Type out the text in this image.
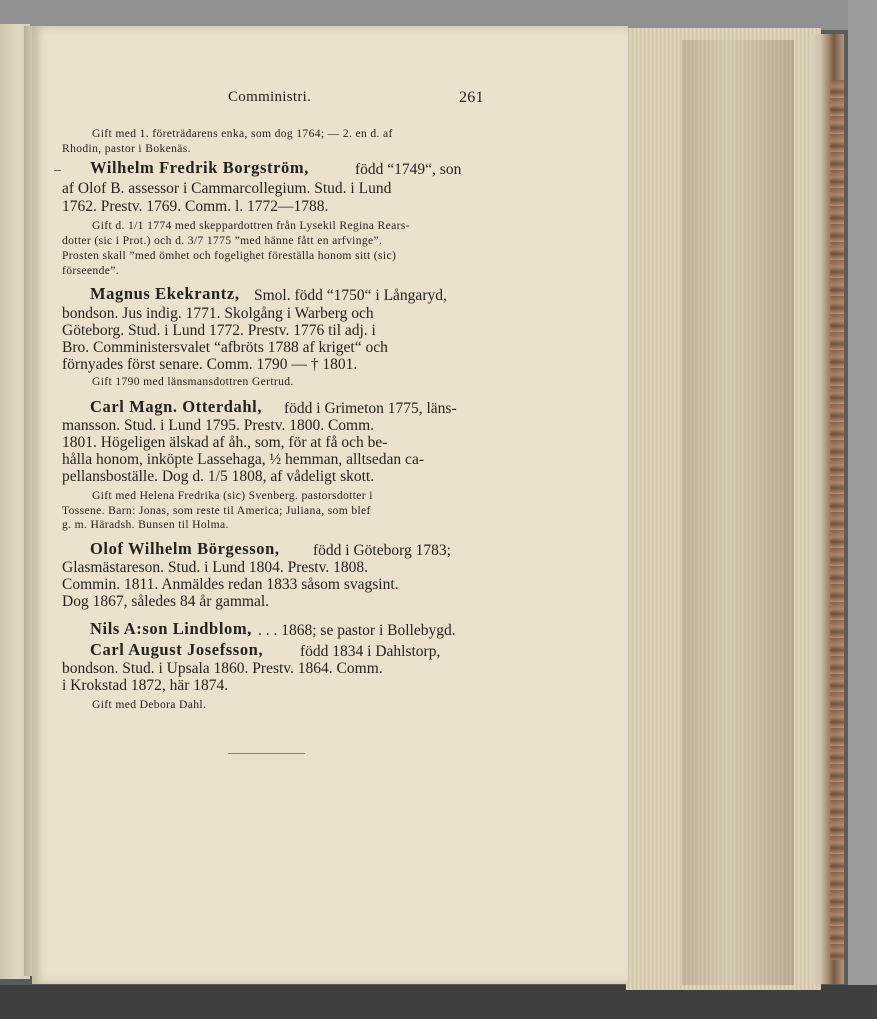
Comministri.	261
Gift med 1. företrädarens enka, som dog 1764; — 2. en d. af
Rhodin, pastor i Bokenäs.
Wilhelm Fredrik Borgström,	född “1749“, son
af Olof B. assessor i Cammarcollegium. Stud. i Lund
1762. Prestv. 1769. Comm. l. 1772—1788.
Gift d. 1/1 1774 med skeppardottren från Lysekil Regina Rears-
dotter (sic i Prot.) och d. 3/7 1775 ”med hänne fått en arfvinge”.
Prosten skall ”med ömhet och fogelighet föreställa honom sitt (sic)
förseende”.
Magnus Ekekrantz, Smol. född “1750“ i Långaryd,
bondson. Jus indig. 1771. Skolgång i Warberg och
Göteborg. Stud. i Lund 1772. Prestv. 1776 til adj. i
Bro. Comministersvalet “afbröts 1788 af kriget“ och
förnyades först senare. Comm. 1790 — † 1801.
Gift 1790 med länsmansdottren Gertrud.
Carl Magn. Otterdahl, född i Grimeton 1775, läns-
mansson. Stud. i Lund 1795. Prestv. 1800. Comm.
1801. Högeligen älskad af åh., som, för at få och be-
hålla honom, inköpte Lassehaga, ½ hemman, alltsedan ca-
pellansboställe. Dog d. 1/5 1808, af vådeligt skott.
Gift med Helena Fredrika (sic) Svenberg. pastorsdotter i
Tossene. Barn: Jonas, som reste til America; Juliana, som blef
g. m. Häradsh. Bunsen til Holma.
Olof Wilhelm Börgesson, född i Göteborg 1783;
Glasmästareson. Stud. i Lund 1804. Prestv. 1808.
Commin. 1811. Anmäldes redan 1833 såsom svagsint.
Dog 1867, således 84 år gammal.
Nils A:son Lindblom, . . . 1868; se pastor i Bollebygd.
Carl August Josefsson, född 1834 i Dahlstorp,
bondson. Stud. i Upsala 1860. Prestv. 1864. Comm.
i Krokstad 1872, här 1874.
Gift med Debora Dahl.
